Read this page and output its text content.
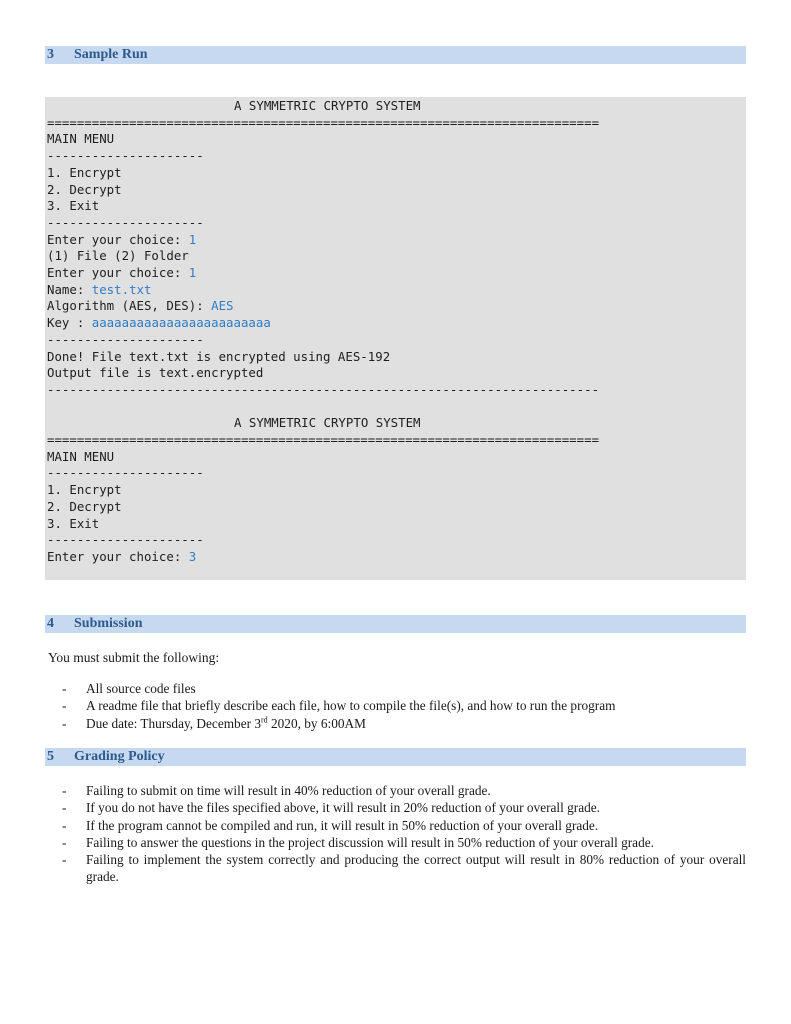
3 Sample Run
A SYMMETRIC CRYPTO SYSTEM
==========================================================================
MAIN MENU
---------------------
1. Encrypt
2. Decrypt
3. Exit
---------------------
Enter your choice: 1
(1) File (2) Folder
Enter your choice: 1
Name: test.txt
Algorithm (AES, DES): AES
Key : aaaaaaaaaaaaaaaaaaaaaaaa
---------------------
Done! File text.txt is encrypted using AES-192
Output file is text.encrypted
--------------------------------------------------------------------------
A SYMMETRIC CRYPTO SYSTEM
==========================================================================
MAIN MENU
---------------------
1. Encrypt
2. Decrypt
3. Exit
---------------------
Enter your choice: 3
4 Submission
You must submit the following:
- All source code files
- A readme file that briefly describe each file, how to compile the file(s), and how to run the program
- Due date: Thursday, December 3rd 2020, by 6:00AM
5 Grading Policy
- Failing to submit on time will result in 40% reduction of your overall grade.
- If you do not have the files specified above, it will result in 20% reduction of your overall grade.
- If the program cannot be compiled and run, it will result in 50% reduction of your overall grade.
- Failing to answer the questions in the project discussion will result in 50% reduction of your overall grade.
- Failing to implement the system correctly and producing the correct output will result in 80% reduction of your overall grade.
